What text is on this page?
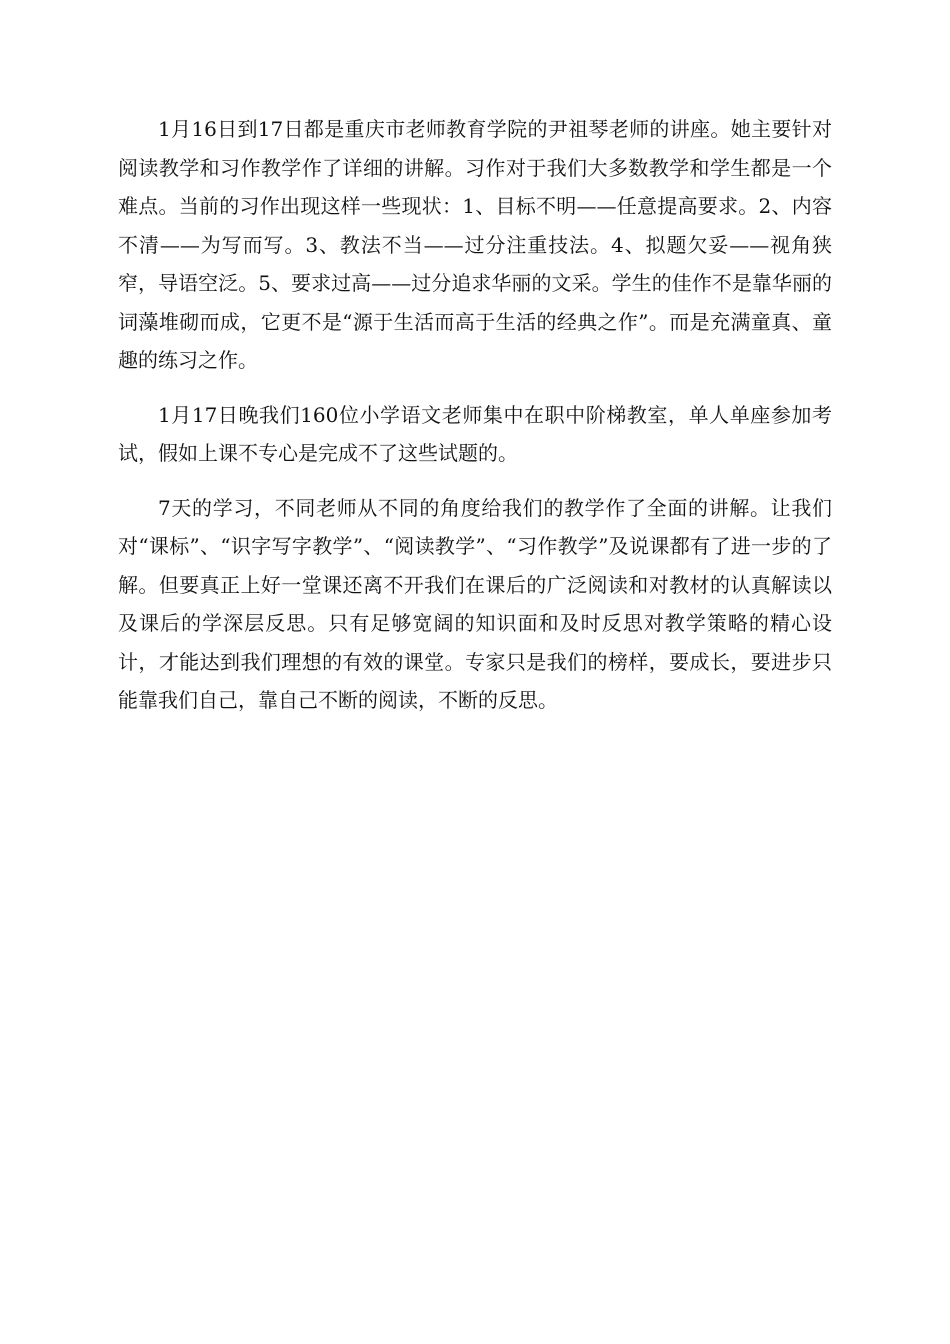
1月16日到17日都是重庆市老师教育学院的尹祖琴老师的讲座。她主要针对阅读教学和习作教学作了详细的讲解。习作对于我们大多数教学和学生都是一个难点。当前的习作出现这样一些现状：1、目标不明——任意提高要求。2、内容不清——为写而写。3、教法不当——过分注重技法。4、拟题欠妥——视角狭窄，导语空泛。5、要求过高——过分追求华丽的文采。学生的佳作不是靠华丽的词藻堆砌而成，它更不是“源于生活而高于生活的经典之作”。而是充满童真、童趣的练习之作。

1月17日晚我们160位小学语文老师集中在职中阶梯教室，单人单座参加考试，假如上课不专心是完成不了这些试题的。

7天的学习，不同老师从不同的角度给我们的教学作了全面的讲解。让我们对“课标”、“识字写字教学”、“阅读教学”、“习作教学”及说课都有了进一步的了解。但要真正上好一堂课还离不开我们在课后的广泛阅读和对教材的认真解读以及课后的学深层反思。只有足够宽阔的知识面和及时反思对教学策略的精心设计，才能达到我们理想的有效的课堂。专家只是我们的榜样，要成长，要进步只能靠我们自己，靠自己不断的阅读，不断的反思。
